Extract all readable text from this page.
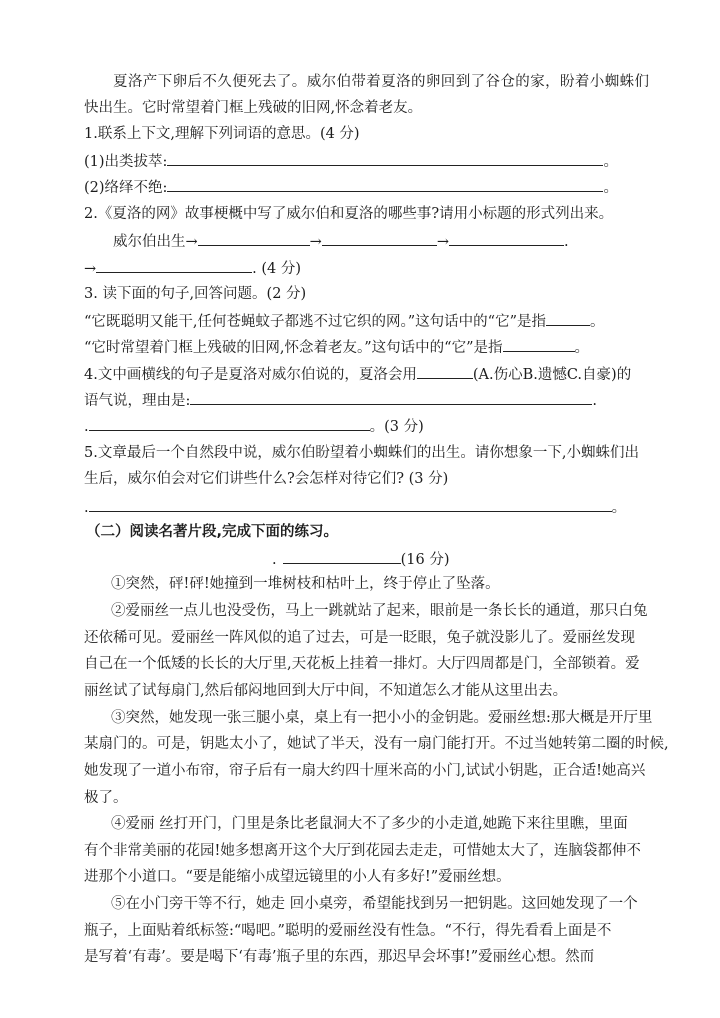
夏洛产下卵后不久便死去了。威尔伯带着夏洛的卵回到了谷仓的家，盼着小蜘蛛们
快出生。它时常望着门框上残破的旧网,怀念着老友。
1.联系上下文,理解下列词语的意思。(4 分)
(1)出类拔萃:	。
(2)络绎不绝:	。
2.《夏洛的网》故事梗概中写了威尔伯和夏洛的哪些事?请用小标题的形式列出来。
威尔伯出生→	→	→	.
→	. (4 分)
3. 读下面的句子,回答问题。(2 分)
“它既聪明又能干,任何苍蝇蚊子都逃不过它织的网。”这句话中的“它”是指	。
“它时常望着门框上残破的旧网,怀念着老友。”这句话中的“它”是指	。
4.文中画横线的句子是夏洛对威尔伯说的，夏洛会用	(A.伤心B.遗憾C.自豪)的
语气说，理由是:	.
.	。(3 分)
5.文章最后一个自然段中说，威尔伯盼望着小蜘蛛们的出生。请你想象一下,小蜘蛛们出
生后，威尔伯会对它们讲些什么?会怎样对待它们? (3 分)
.	。
（二）阅读名著片段,完成下面的练习。
.	(16 分)
①突然，砰!砰!她撞到一堆树枝和枯叶上，终于停止了坠落。
②爱丽丝一点儿也没受伤，马上一跳就站了起来，眼前是一条长长的通道，那只白兔
还依稀可见。爱丽丝一阵风似的追了过去，可是一眨眼，兔子就没影儿了。爱丽丝发现
自己在一个低矮的长长的大厅里,天花板上挂着一排灯。大厅四周都是门，全部锁着。爱
丽丝试了试每扇门,然后郁闷地回到大厅中间，不知道怎么才能从这里出去。
③突然，她发现一张三腿小桌，桌上有一把小小的金钥匙。爱丽丝想:那大概是开厅里
某扇门的。可是，钥匙太小了，她试了半天，没有一扇门能打开。不过当她转第二圈的时候,
她发现了一道小布帘，帘子后有一扇大约四十厘米高的小门,试试小钥匙，正合适!她高兴
极了。
④爱丽 丝打开门，门里是条比老鼠洞大不了多少的小走道,她跪下来往里瞧，里面
有个非常美丽的花园!她多想离开这个大厅到花园去走走，可惜她太大了，连脑袋都伸不
进那个小道口。“要是能缩小成望远镜里的小人有多好!”爱丽丝想。
⑤在小门旁干等不行，她走 回小桌旁，希望能找到另一把钥匙。这回她发现了一个
瓶子，上面贴着纸标签:“喝吧。”聪明的爱丽丝没有性急。“不行，得先看看上面是不
是写着‘有毒’。要是喝下‘有毒’瓶子里的东西，那迟早会坏事!”爱丽丝心想。然而
